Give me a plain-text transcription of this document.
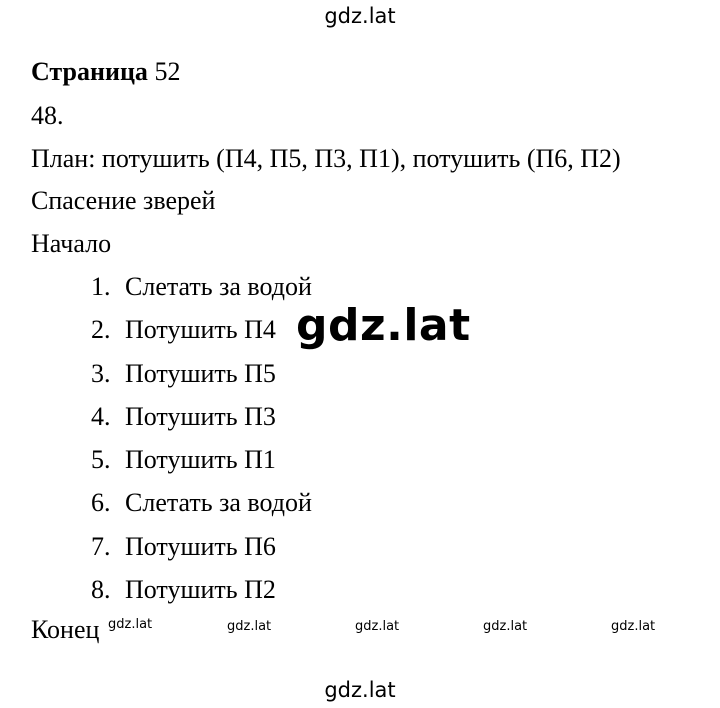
gdz.lat
Страница 52
48.
План: потушить (П4, П5, П3, П1), потушить (П6, П2)
Спасение зверей
Начало
1. Слетать за водой
2. Потушить П4
3. Потушить П5
4. Потушить П3
5. Потушить П1
6. Слетать за водой
7. Потушить П6
8. Потушить П2
Конец
gdz.lat
gdz.lat	gdz.lat	gdz.lat	gdz.lat	gdz.lat
gdz.lat
